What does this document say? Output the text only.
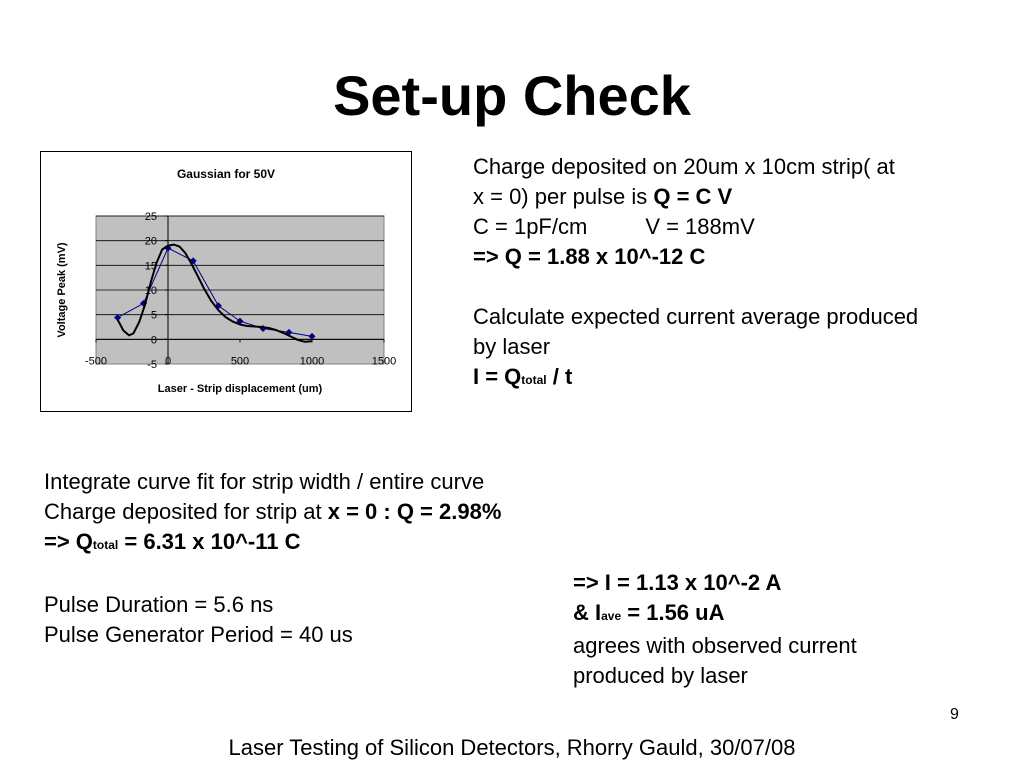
Set-up Check
Gaussian for 50V
-5
0
5
10
15
20
25
-500	0	500	1000	1500
Laser - Strip displacement (um)
Voltage Peak (mV)
Charge deposited on 20um x 10cm strip( at
x = 0) per pulse is Q = C V
C = 1pF/cm	V = 188mV
=> Q = 1.88 x 10^-12 C

Calculate expected current average produced
by laser
I = Qtotal / t
Integrate curve fit for strip width / entire curve
Charge deposited for strip at x = 0 : Q = 2.98%
=> Qtotal = 6.31 x 10^-11 C

Pulse Duration = 5.6 ns
Pulse Generator Period = 40 us
=> I = 1.13 x 10^-2 A
& Iave = 1.56 uA
agrees with observed current
produced by laser
9
Laser Testing of Silicon Detectors, Rhorry Gauld, 30/07/08
